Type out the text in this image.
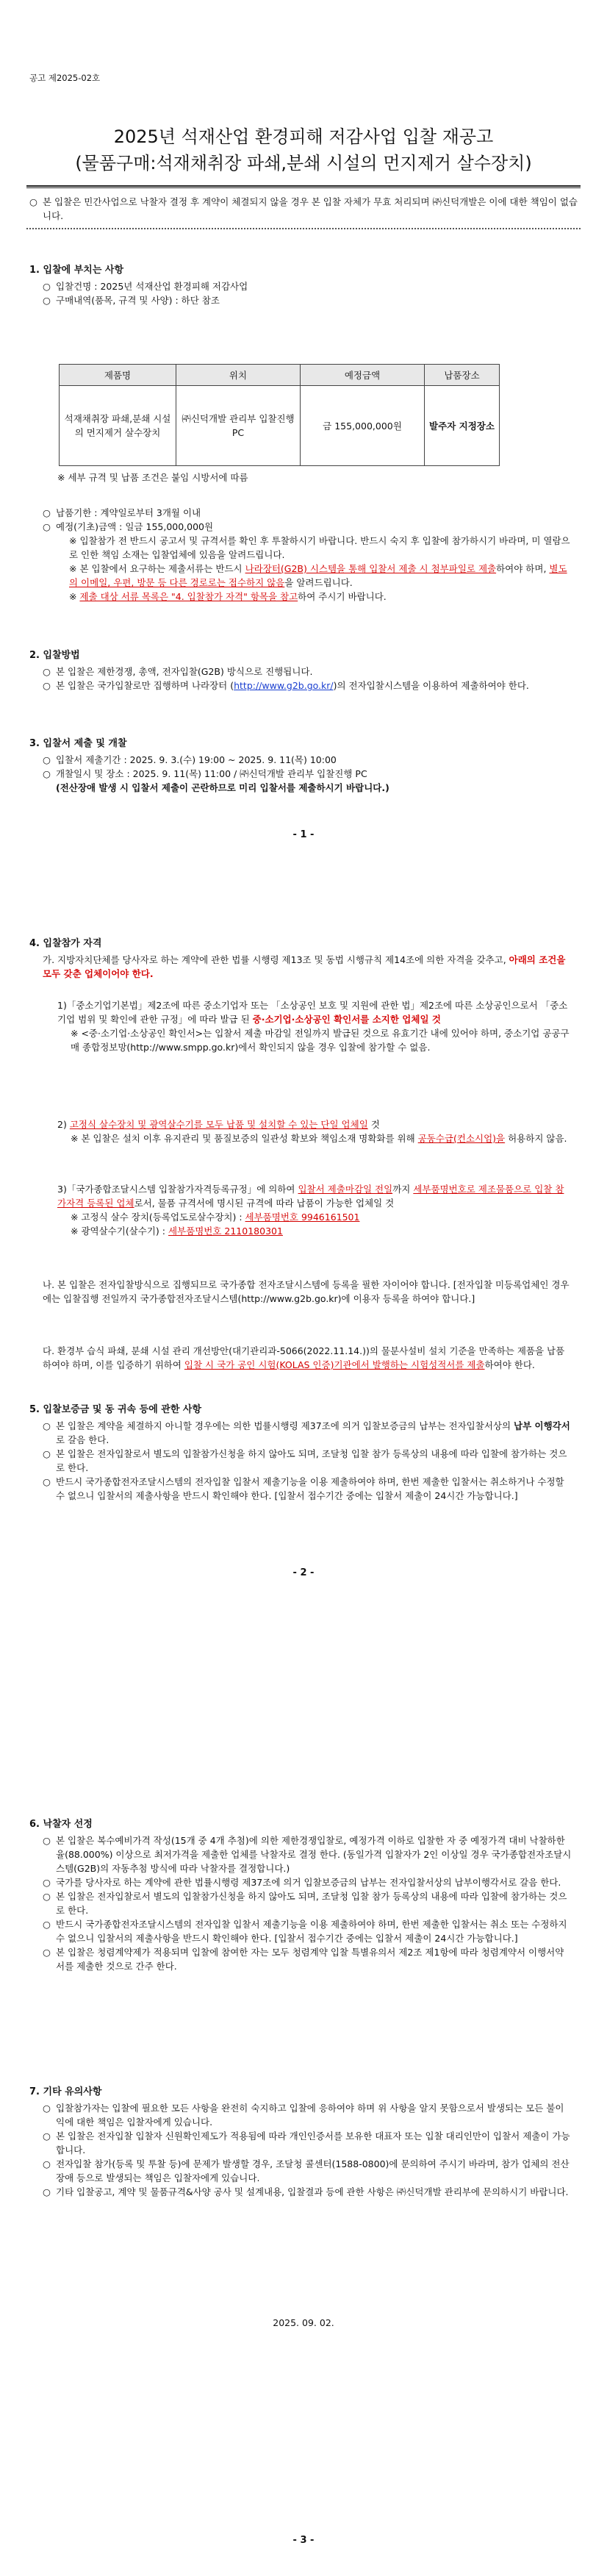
공고 제2025-02호
2025년 석재산업 환경피해 저감사업 입찰 재공고
(물품구매:석재채취장 파쇄,분쇄 시설의 먼지제거 살수장치)
○ 본 입찰은 민간사업으로 낙찰자 결정 후 계약이 체결되지 않을 경우 본 입찰 자체가 무효 처리되며 ㈜신덕개발은 이에 대한 책임이 없습니다.
1. 입찰에 부치는 사항
○ 입찰건명 : 2025년 석재산업 환경피해 저감사업
○ 구매내역(품목, 규격 및 사양) : 하단 참조
제품명	위치	예정금액	납품장소
석재채취장 파쇄,분쇄 시설의 먼지제거 살수장치	㈜신덕개발 관리부 입찰진행 PC	금 155,000,000원	발주자 지정장소
※ 세부 규격 및 납품 조건은 붙임 시방서에 따름
○ 납품기한 : 계약일로부터 3개월 이내
○ 예정(기초)금액 : 일금 155,000,000원
※ 입찰참가 전 반드시 공고서 및 규격서를 확인 후 투찰하시기 바랍니다. 반드시 숙지 후 입찰에 참가하시기 바라며, 미 열람으로 인한 책임 소재는 입찰업체에 있음을 알려드립니다.
※ 본 입찰에서 요구하는 제출서류는 반드시 나라장터(G2B) 시스템을 통해 입찰서 제출 시 첨부파일로 제출하여야 하며, 별도의 이메일, 우편, 방문 등 다른 경로로는 접수하지 않음을 알려드립니다.
※ 제출 대상 서류 목록은 "4. 입찰참가 자격" 항목을 참고하여 주시기 바랍니다.
2. 입찰방법
○ 본 입찰은 제한경쟁, 총액, 전자입찰(G2B) 방식으로 진행됩니다.
○ 본 입찰은 국가입찰로만 집행하며 나라장터 (http://www.g2b.go.kr/)의 전자입찰시스템을 이용하여 제출하여야 한다.
3. 입찰서 제출 및 개찰
○ 입찰서 제출기간 : 2025. 9. 3.(수) 19:00 ~ 2025. 9. 11(목) 10:00
○ 개찰일시 및 장소 : 2025. 9. 11(목) 11:00 / ㈜신덕개발 관리부 입찰진행 PC
(전산장애 발생 시 입찰서 제출이 곤란하므로 미리 입찰서를 제출하시기 바랍니다.)
- 1 -
4. 입찰참가 자격
가. 지방자치단체를 당사자로 하는 계약에 관한 법률 시행령 제13조 및 동법 시행규칙 제14조에 의한 자격을 갖추고, 아래의 조건을 모두 갖춘 업체이어야 한다.
1)「중소기업기본법」제2조에 따른 중소기업자 또는 「소상공인 보호 및 지원에 관한 법」제2조에 따른 소상공인으로서 「중소기업 범위 및 확인에 관한 규정」에 따라 발급 된 중·소기업·소상공인 확인서를 소지한 업체일 것
※ <중·소기업·소상공인 확인서>는 입찰서 제출 마감일 전일까지 발급된 것으로 유효기간 내에 있어야 하며, 중소기업 공공구매 종합정보망(http://www.smpp.go.kr)에서 확인되지 않을 경우 입찰에 참가할 수 없음.
2) 고정식 살수장치 및 광역살수기를 모두 납품 및 설치할 수 있는 단일 업체일 것
※ 본 입찰은 설치 이후 유지관리 및 품질보증의 일관성 확보와 책임소재 명확화를 위해 공동수급(컨소시엄)을 허용하지 않음.
3)「국가종합조달시스템 입찰참가자격등록규정」에 의하여 입찰서 제출마감일 전일까지 세부품명번호로 제조물품으로 입찰 참가자격 등록된 업체로서, 물품 규격서에 명시된 규격에 따라 납품이 가능한 업체일 것
※ 고정식 살수 장치(등록업도로살수장치) : 세부품명번호 9946161501
※ 광역살수기(살수기) : 세부품명번호 2110180301
나. 본 입찰은 전자입찰방식으로 집행되므로 국가종합 전자조달시스템에 등록을 필한 자이어야 합니다. [전자입찰 미등록업체인 경우에는 입찰집행 전일까지 국가종합전자조달시스템(http://www.g2b.go.kr)에 이용자 등록을 하여야 합니다.]
다. 환경부 습식 파쇄, 분쇄 시설 관리 개선방안(대기관리과-5066(2022.11.14.))의 물분사설비 설치 기준을 만족하는 제품을 납품하여야 하며, 이를 입증하기 위하여 입찰 시 국가 공인 시험(KOLAS 인증)기관에서 발행하는 시험성적서를 제출하여야 한다.
5. 입찰보증금 및 동 귀속 등에 관한 사항
○ 본 입찰은 계약을 체결하지 아니할 경우에는 의한 법률시행령 제37조에 의거 입찰보증금의 납부는 전자입찰서상의 납부 이행각서로 갈음 한다.
○ 본 입찰은 전자입찰로서 별도의 입찰참가신청을 하지 않아도 되며, 조달청 입찰 참가 등록상의 내용에 따라 입찰에 참가하는 것으로 한다.
○ 반드시 국가종합전자조달시스템의 전자입찰 입찰서 제출기능을 이용 제출하여야 하며, 한번 제출한 입찰서는 취소하거나 수정할 수 없으니 입찰서의 제출사항을 반드시 확인해야 한다. [입찰서 접수기간 중에는 입찰서 제출이 24시간 가능합니다.]
- 2 -
6. 낙찰자 선정
○ 본 입찰은 복수예비가격 작성(15개 중 4개 추첨)에 의한 제한경쟁입찰로, 예정가격 이하로 입찰한 자 중 예정가격 대비 낙찰하한율(88.000%) 이상으로 최저가격을 제출한 업체를 낙찰자로 결정 한다. (동일가격 입찰자가 2인 이상일 경우 국가종합전자조달시스템(G2B)의 자동추첨 방식에 따라 낙찰자를 결정합니다.)
○ 국가를 당사자로 하는 계약에 관한 법률시행령 제37조에 의거 입찰보증금의 납부는 전자입찰서상의 납부이행각서로 갈음 한다.
○ 본 입찰은 전자입찰로서 별도의 입찰참가신청을 하지 않아도 되며, 조달청 입찰 참가 등록상의 내용에 따라 입찰에 참가하는 것으로 한다.
○ 반드시 국가종합전자조달시스템의 전자입찰 입찰서 제출기능을 이용 제출하여야 하며, 한번 제출한 입찰서는 취소 또는 수정하지 수 없으니 입찰서의 제출사항을 반드시 확인해야 한다. [입찰서 접수기간 중에는 입찰서 제출이 24시간 가능합니다.]
○ 본 입찰은 청렴계약제가 적용되며 입찰에 참여한 자는 모두 청렴계약 입찰 특별유의서 제2조 제1항에 따라 청렴계약서 이행서약서를 제출한 것으로 간주 한다.
7. 기타 유의사항
○ 입찰참가자는 입찰에 필요한 모든 사항을 완전히 숙지하고 입찰에 응하여야 하며 위 사항을 알지 못함으로서 발생되는 모든 불이익에 대한 책임은 입찰자에게 있습니다.
○ 본 입찰은 전자입찰 입찰자 신원확인제도가 적용됨에 따라 개인인증서를 보유한 대표자 또는 입찰 대리인만이 입찰서 제출이 가능합니다.
○ 전자입찰 참가(등록 및 투찰 등)에 문제가 발생할 경우, 조달청 콜센터(1588-0800)에 문의하여 주시기 바라며, 참가 업체의 전산장애 등으로 발생되는 책임은 입찰자에게 있습니다.
○ 기타 입찰공고, 계약 및 물품규격&사양 공사 및 설계내용, 입찰결과 등에 관한 사항은 ㈜신덕개발 관리부에 문의하시기 바랍니다.
2025. 09. 02.
- 3 -
